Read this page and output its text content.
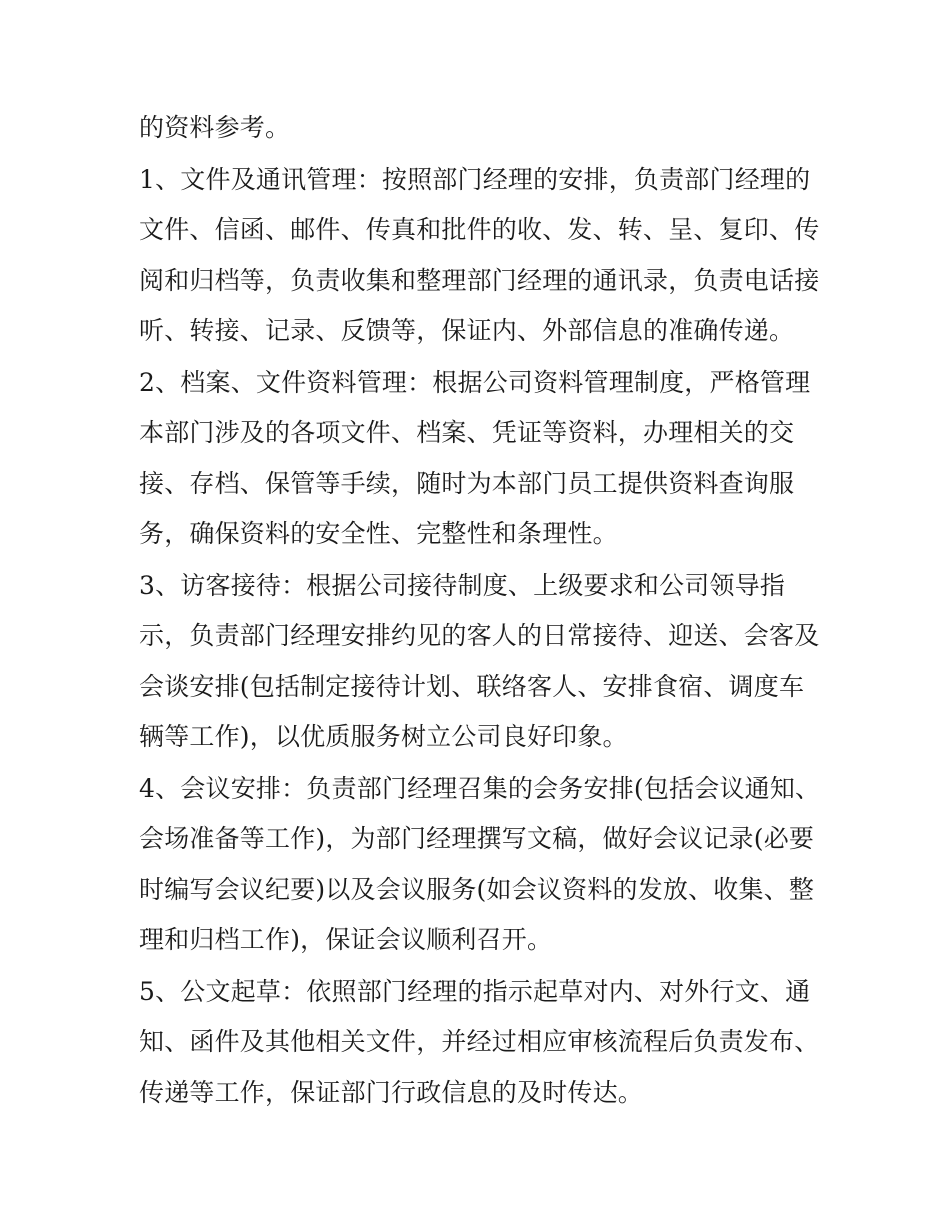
的资料参考。
1、文件及通讯管理：按照部门经理的安排，负责部门经理的
文件、信函、邮件、传真和批件的收、发、转、呈、复印、传
阅和归档等，负责收集和整理部门经理的通讯录，负责电话接
听、转接、记录、反馈等，保证内、外部信息的准确传递。
2、档案、文件资料管理：根据公司资料管理制度，严格管理
本部门涉及的各项文件、档案、凭证等资料，办理相关的交
接、存档、保管等手续，随时为本部门员工提供资料查询服
务，确保资料的安全性、完整性和条理性。
3、访客接待：根据公司接待制度、上级要求和公司领导指
示，负责部门经理安排约见的客人的日常接待、迎送、会客及
会谈安排(包括制定接待计划、联络客人、安排食宿、调度车
辆等工作)，以优质服务树立公司良好印象。
4、会议安排：负责部门经理召集的会务安排(包括会议通知、
会场准备等工作)，为部门经理撰写文稿，做好会议记录(必要
时编写会议纪要)以及会议服务(如会议资料的发放、收集、整
理和归档工作)，保证会议顺利召开。
5、公文起草：依照部门经理的指示起草对内、对外行文、通
知、函件及其他相关文件，并经过相应审核流程后负责发布、
传递等工作，保证部门行政信息的及时传达。
